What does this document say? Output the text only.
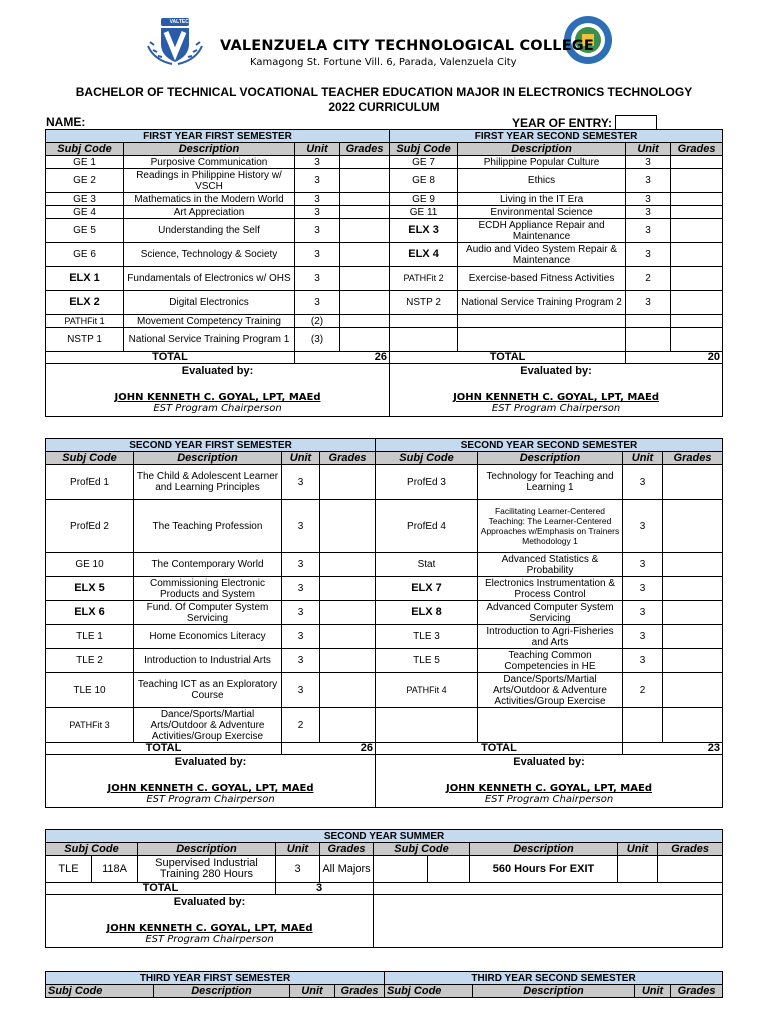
VALTECH
VALENZUELA CITY TECHNOLOGICAL COLLEGE
Kamagong St. Fortune Vill. 6, Parada, Valenzuela City
BACHELOR OF TECHNICAL VOCATIONAL TEACHER EDUCATION MAJOR IN ELECTRONICS TECHNOLOGY
2022 CURRICULUM
NAME:	YEAR OF ENTRY:
FIRST YEAR FIRST SEMESTER				FIRST YEAR SECOND SEMESTER			
Subj Code	Description	Unit	Grades	Subj Code	Description	Unit	Grades
GE 1	Purposive Communication	3		GE 7	Philippine Popular Culture	3	
GE 2	Readings in Philippine History w/ VSCH	3		GE 8	Ethics	3	
GE 3	Mathematics in the Modern World	3		GE 9	Living in the IT Era	3	
GE 4	Art Appreciation	3		GE 11	Environmental Science	3	
GE 5	Understanding the Self	3		ELX 3	ECDH Appliance Repair and Maintenance	3	
GE 6	Science, Technology & Society	3		ELX 4	Audio and Video System Repair & Maintenance	3	
ELX 1	Fundamentals of Electronics w/ OHS	3		PATHFit 2	Exercise-based Fitness Activities	2	
ELX 2	Digital Electronics	3		NSTP 2	National Service Training Program 2	3	
PATHFit 1	Movement Competency Training	(2)					
NSTP 1	National Service Training Program 1	(3)					
TOTAL		26		TOTAL		20	

Evaluated by:
JOHN KENNETH C. GOYAL, LPT, MAEd
EST Program Chairperson				Evaluated by:
JOHN KENNETH C. GOYAL, LPT, MAEd
EST Program Chairperson			
SECOND YEAR FIRST SEMESTER				SECOND YEAR SECOND SEMESTER			
Subj Code	Description	Unit	Grades	Subj Code	Description	Unit	Grades
ProfEd 1	The Child & Adolescent Learner and Learning Principles	3		ProfEd 3	Technology for Teaching and Learning 1	3	
ProfEd 2	The Teaching Profession	3		ProfEd 4	Facilitating Learner-Centered Teaching: The Learner-Centered Approaches w/Emphasis on Trainers Methodology 1	3	
GE 10	The Contemporary World	3		Stat	Advanced Statistics & Probability	3	
ELX 5	Commissioning Electronic Products and System	3		ELX 7	Electronics Instrumentation & Process Control	3	
ELX 6	Fund. Of Computer System Servicing	3		ELX 8	Advanced Computer System Servicing	3	
TLE 1	Home Economics Literacy	3		TLE 3	Introduction to Agri-Fisheries and Arts	3	
TLE 2	Introduction to Industrial Arts	3		TLE 5	Teaching Common Competencies in HE	3	
TLE 10	Teaching ICT as an Exploratory Course	3		PATHFit 4	Dance/Sports/Martial Arts/Outdoor & Adventure Activities/Group Exercise	2	
PATHFit 3	Dance/Sports/Martial Arts/Outdoor & Adventure Activities/Group Exercise	2					
TOTAL		26		TOTAL		23	

Evaluated by:
JOHN KENNETH C. GOYAL, LPT, MAEd
EST Program Chairperson				Evaluated by:
JOHN KENNETH C. GOYAL, LPT, MAEd
EST Program Chairperson			
SECOND YEAR SUMMER									
Subj Code		Description	Unit	Grades	Subj Code		Description	Unit	Grades
TLE	118A	Supervised Industrial Training 280 Hours	3	All Majors			560 Hours For EXIT		
TOTAL			3						

Evaluated by:
JOHN KENNETH C. GOYAL, LPT, MAEd
EST Program Chairperson									

THIRD YEAR FIRST SEMESTER				THIRD YEAR SECOND SEMESTER			
Subj Code	Description	Unit	Grades	Subj Code	Description	Unit	Grades
